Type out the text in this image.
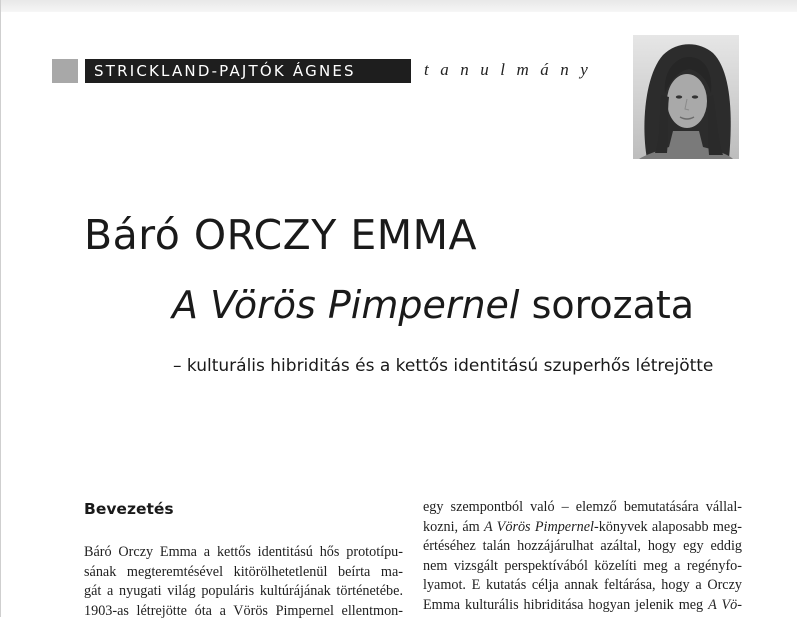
STRICKLAND-PAJTÓK ÁGNES	tanulmány
Báró ORCZY EMMA
A Vörös Pimpernel sorozata
– kulturális hibriditás és a kettős identitású szuperhős létrejötte
Bevezetés
Báró Orczy Emma a kettős identitású hős prototípu-
sának megteremtésével kitörölhetetlenül beírta ma-
gát a nyugati világ populáris kultúrájának történetébe.
1903-as létrejötte óta a Vörös Pimpernel ellentmon-
egy szempontból való – elemző bemutatására vállal-
kozni, ám A Vörös Pimpernel-könyvek alaposabb meg-
értéséhez talán hozzájárulhat azáltal, hogy egy eddig
nem vizsgált perspektívából közelíti meg a regényfo-
lyamot. E kutatás célja annak feltárása, hogy a Orczy
Emma kulturális hibriditása hogyan jelenik meg A Vö-
